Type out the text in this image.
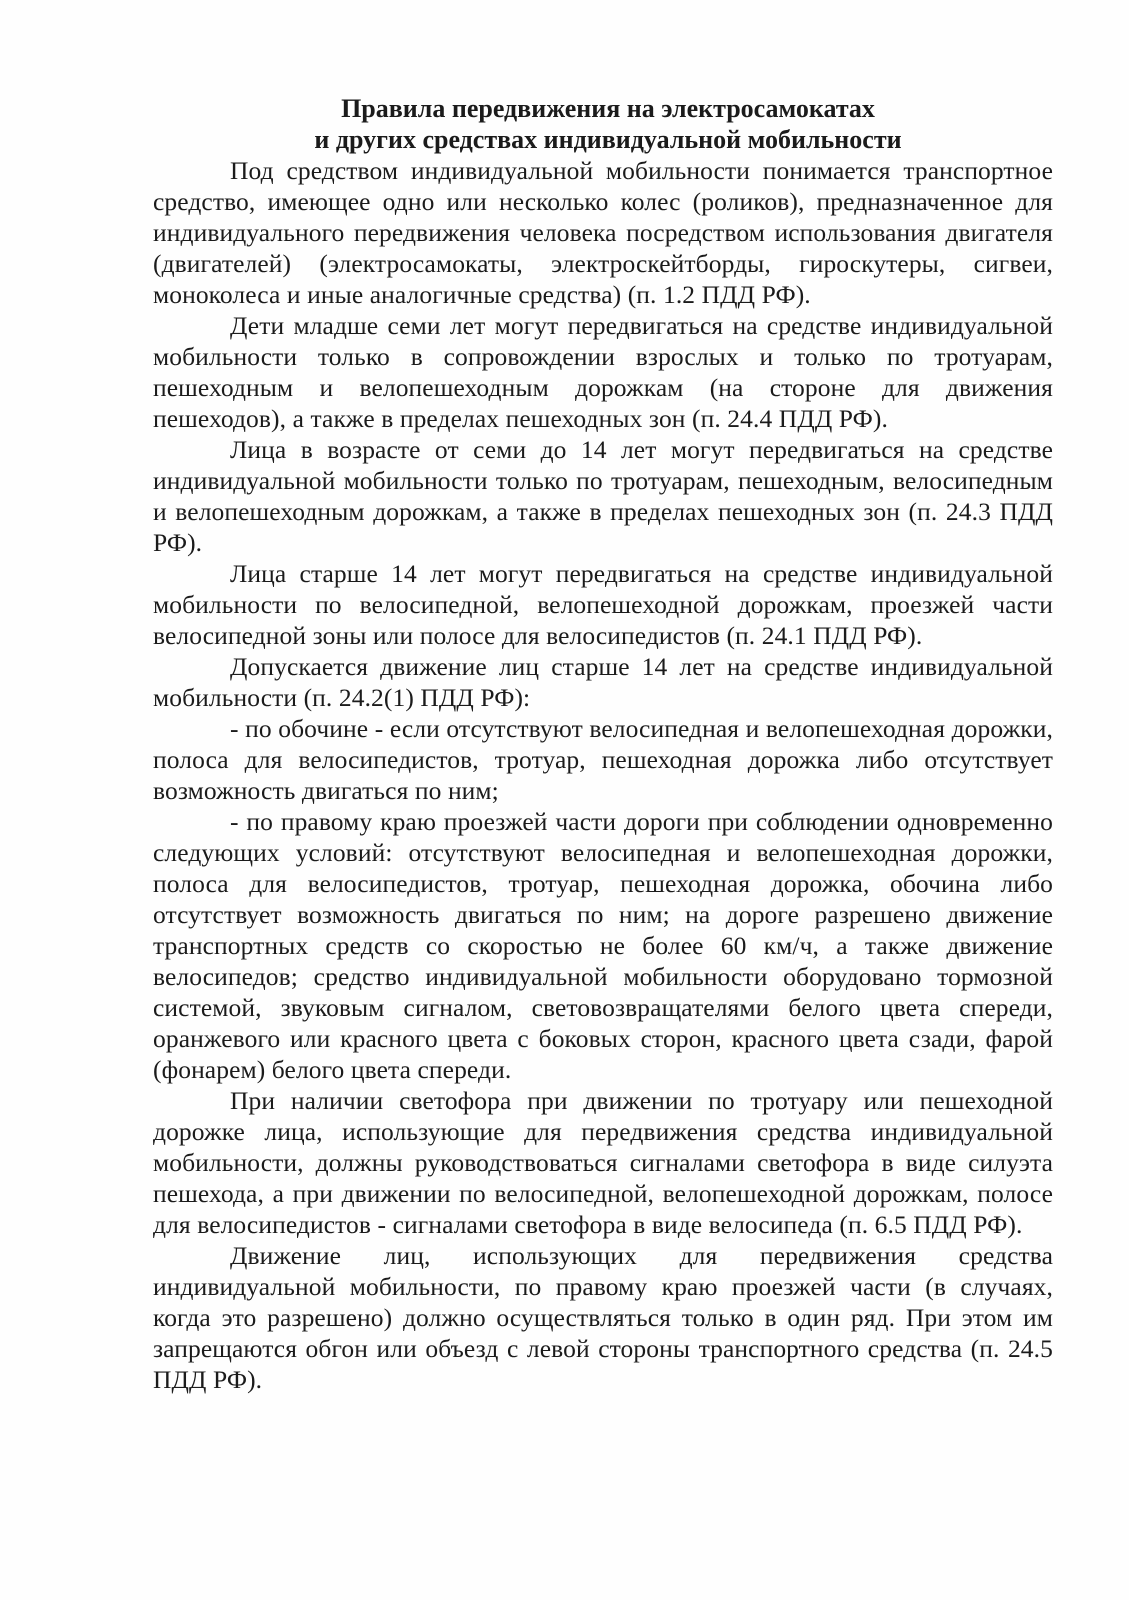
Правила передвижения на электросамокатах
и других средствах индивидуальной мобильности

Под средством индивидуальной мобильности понимается транспортное средство, имеющее одно или несколько колес (роликов), предназначенное для индивидуального передвижения человека посредством использования двигателя (двигателей) (электросамокаты, электроскейтборды, гироскутеры, сигвеи, моноколеса и иные аналогичные средства) (п. 1.2 ПДД РФ).

Дети младше семи лет могут передвигаться на средстве индивидуальной мобильности только в сопровождении взрослых и только по тротуарам, пешеходным и велопешеходным дорожкам (на стороне для движения пешеходов), а также в пределах пешеходных зон (п. 24.4 ПДД РФ).

Лица в возрасте от семи до 14 лет могут передвигаться на средстве индивидуальной мобильности только по тротуарам, пешеходным, велосипедным и велопешеходным дорожкам, а также в пределах пешеходных зон (п. 24.3 ПДД РФ).

Лица старше 14 лет могут передвигаться на средстве индивидуальной мобильности по велосипедной, велопешеходной дорожкам, проезжей части велосипедной зоны или полосе для велосипедистов (п. 24.1 ПДД РФ).

Допускается движение лиц старше 14 лет на средстве индивидуальной мобильности (п. 24.2(1) ПДД РФ):

- по обочине - если отсутствуют велосипедная и велопешеходная дорожки, полоса для велосипедистов, тротуар, пешеходная дорожка либо отсутствует возможность двигаться по ним;

- по правому краю проезжей части дороги при соблюдении одновременно следующих условий: отсутствуют велосипедная и велопешеходная дорожки, полоса для велосипедистов, тротуар, пешеходная дорожка, обочина либо отсутствует возможность двигаться по ним; на дороге разрешено движение транспортных средств со скоростью не более 60 км/ч, а также движение велосипедов; средство индивидуальной мобильности оборудовано тормозной системой, звуковым сигналом, световозвращателями белого цвета спереди, оранжевого или красного цвета с боковых сторон, красного цвета сзади, фарой (фонарем) белого цвета спереди.

При наличии светофора при движении по тротуару или пешеходной дорожке лица, использующие для передвижения средства индивидуальной мобильности, должны руководствоваться сигналами светофора в виде силуэта пешехода, а при движении по велосипедной, велопешеходной дорожкам, полосе для велосипедистов - сигналами светофора в виде велосипеда (п. 6.5 ПДД РФ).

Движение лиц, использующих для передвижения средства индивидуальной мобильности, по правому краю проезжей части (в случаях, когда это разрешено) должно осуществляться только в один ряд. При этом им запрещаются обгон или объезд с левой стороны транспортного средства (п. 24.5 ПДД РФ).
